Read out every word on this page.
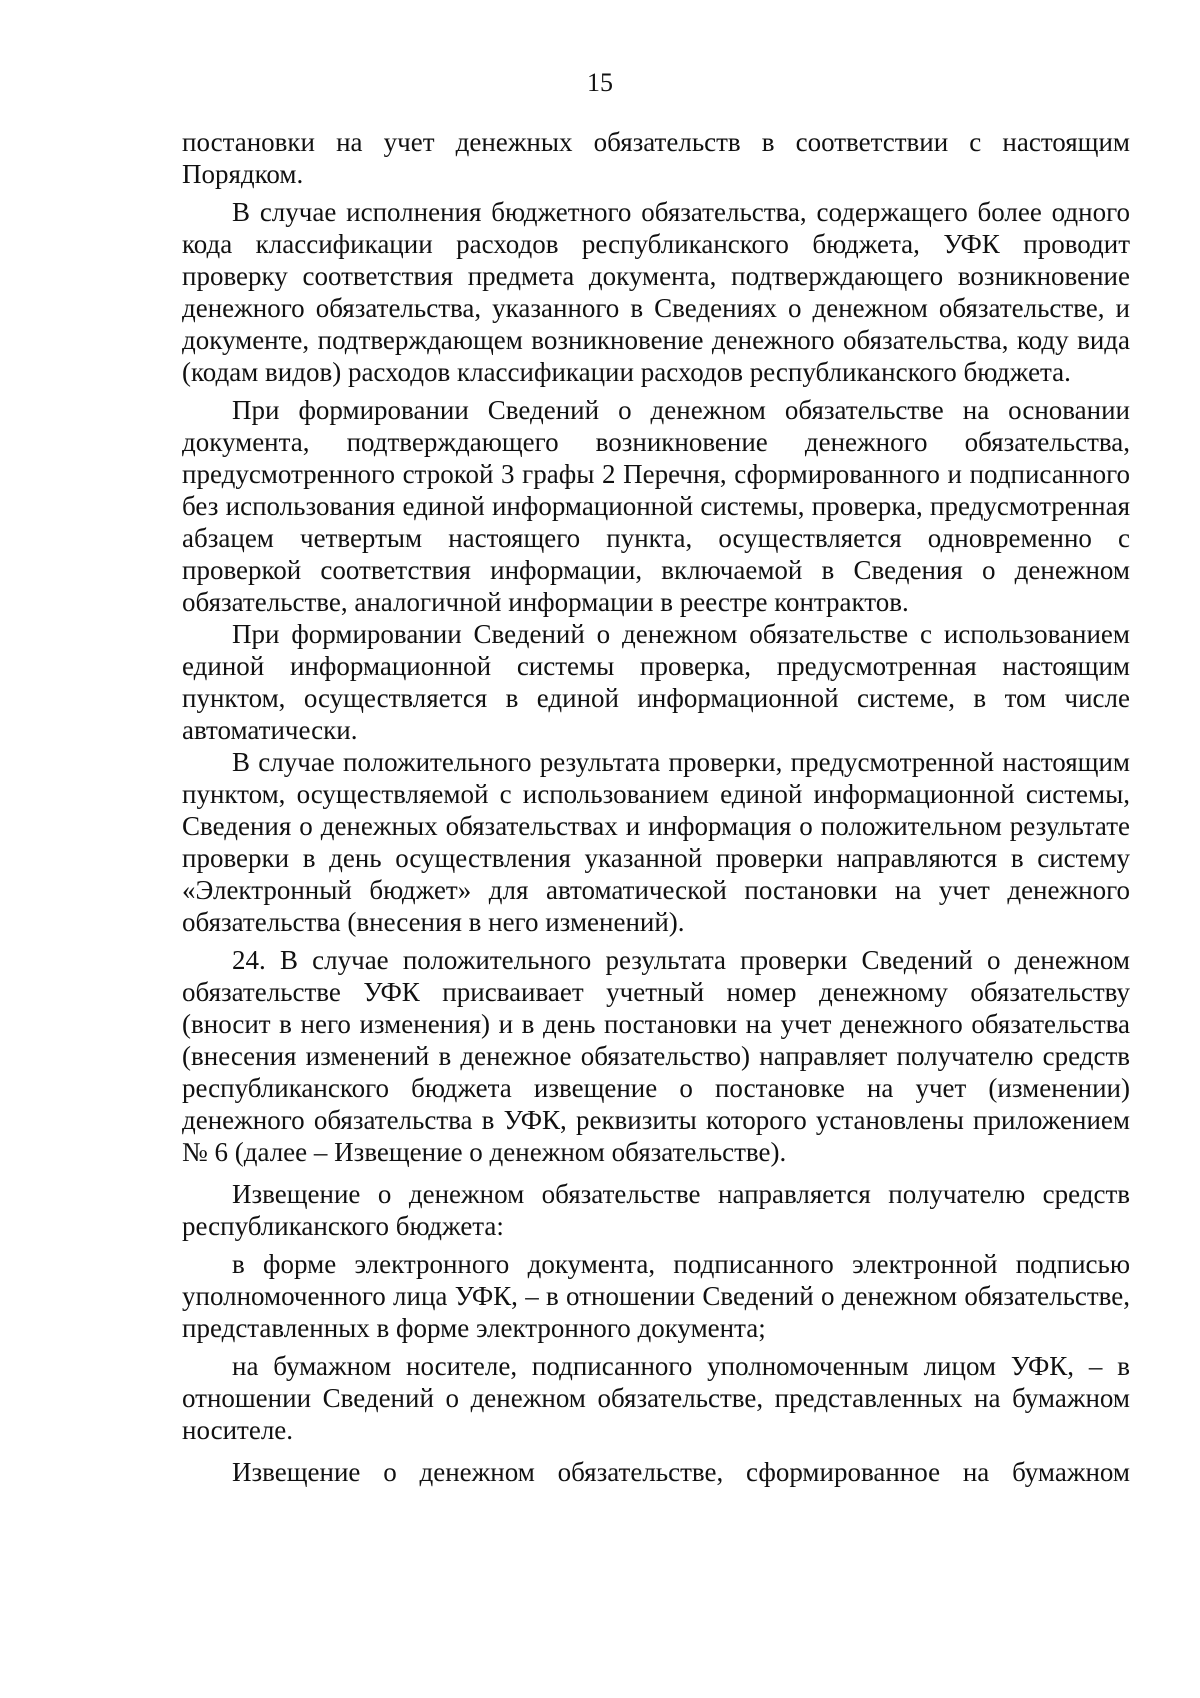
15

постановки на учет денежных обязательств в соответствии с настоящим Порядком.

В случае исполнения бюджетного обязательства, содержащего более одного кода классификации расходов республиканского бюджета, УФК проводит проверку соответствия предмета документа, подтверждающего возникновение денежного обязательства, указанного в Сведениях о денежном обязательстве, и документе, подтверждающем возникновение денежного обязательства, коду вида (кодам видов) расходов классификации расходов республиканского бюджета.

При формировании Сведений о денежном обязательстве на основании документа, подтверждающего возникновение денежного обязательства, предусмотренного строкой 3 графы 2 Перечня, сформированного и подписанного без использования единой информационной системы, проверка, предусмотренная абзацем четвертым настоящего пункта, осуществляется одновременно с проверкой соответствия информации, включаемой в Сведения о денежном обязательстве, аналогичной информации в реестре контрактов.

При формировании Сведений о денежном обязательстве с использованием единой информационной системы проверка, предусмотренная настоящим пунктом, осуществляется в единой информационной системе, в том числе автоматически.

В случае положительного результата проверки, предусмотренной настоящим пунктом, осуществляемой с использованием единой информационной системы, Сведения о денежных обязательствах и информация о положительном результате проверки в день осуществления указанной проверки направляются в систему «Электронный бюджет» для автоматической постановки на учет денежного обязательства (внесения в него изменений).

24. В случае положительного результата проверки Сведений о денежном обязательстве УФК присваивает учетный номер денежному обязательству (вносит в него изменения) и в день постановки на учет денежного обязательства (внесения изменений в денежное обязательство) направляет получателю средств республиканского бюджета извещение о постановке на учет (изменении) денежного обязательства в УФК, реквизиты которого установлены приложением № 6 (далее – Извещение о денежном обязательстве).

Извещение о денежном обязательстве направляется получателю средств республиканского бюджета:

в форме электронного документа, подписанного электронной подписью уполномоченного лица УФК, – в отношении Сведений о денежном обязательстве, представленных в форме электронного документа;

на бумажном носителе, подписанного уполномоченным лицом УФК, – в отношении Сведений о денежном обязательстве, представленных на бумажном носителе.

Извещение о денежном обязательстве, сформированное на бумажном
